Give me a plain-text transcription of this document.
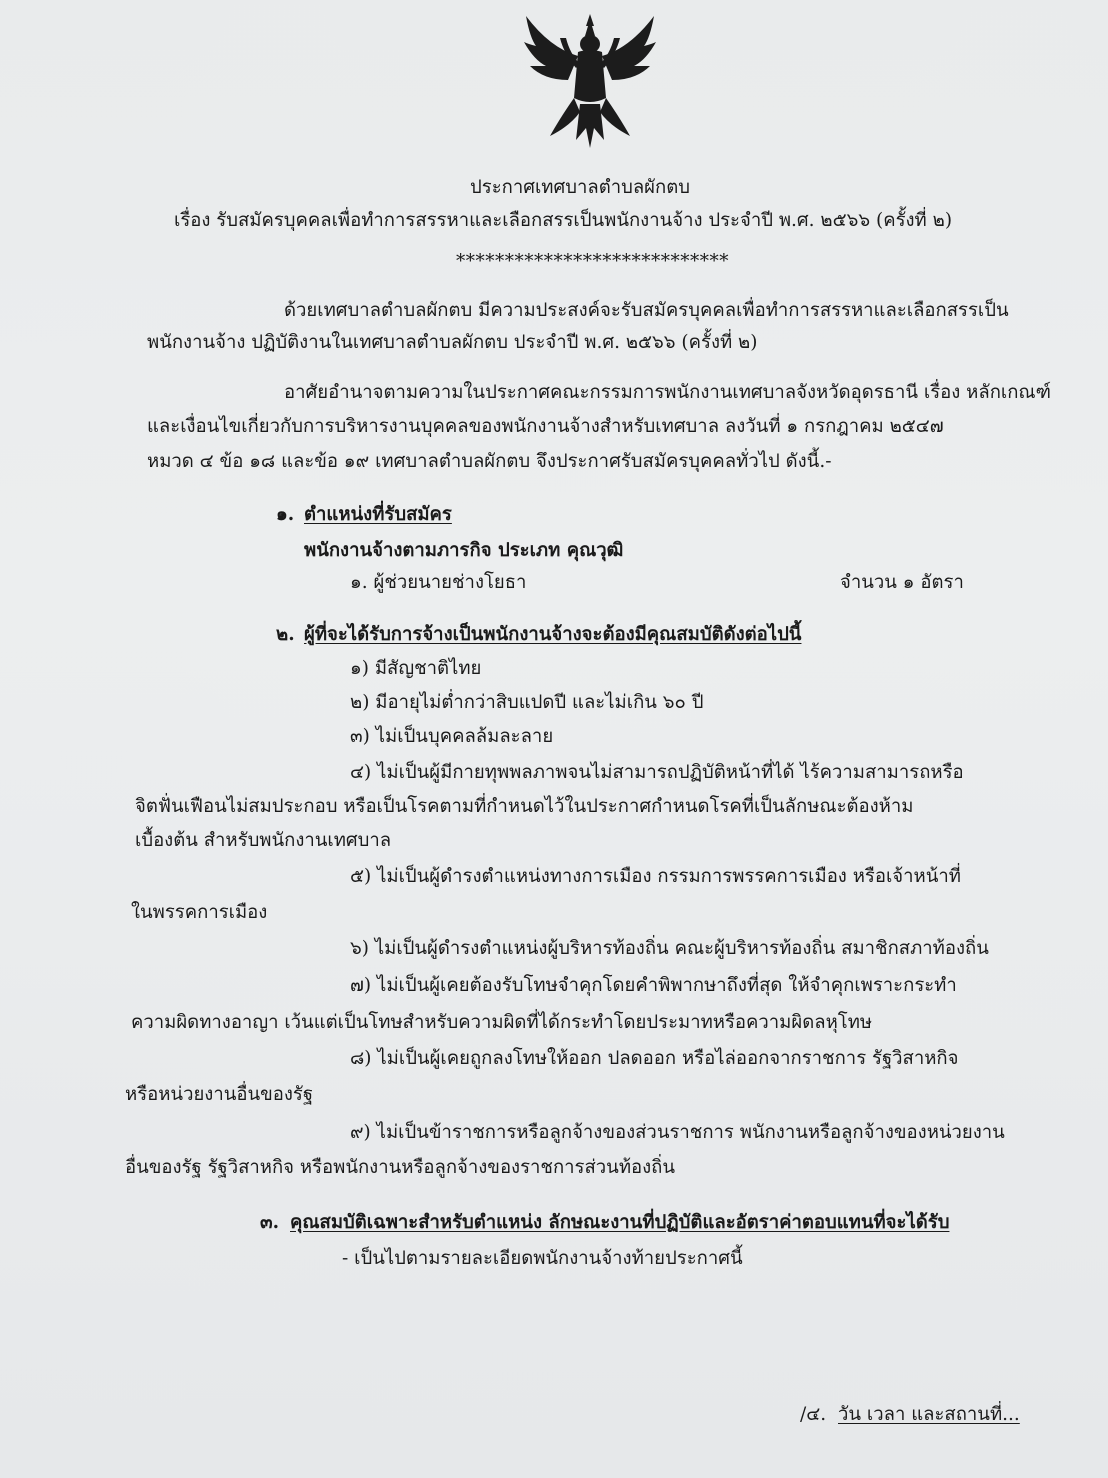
ประกาศเทศบาลตำบลผักตบ
เรื่อง รับสมัครบุคคลเพื่อทำการสรรหาและเลือกสรรเป็นพนักงานจ้าง ประจำปี พ.ศ. ๒๕๖๖ (ครั้งที่ ๒)
****************************
ด้วยเทศบาลตำบลผักตบ มีความประสงค์จะรับสมัครบุคคลเพื่อทำการสรรหาและเลือกสรรเป็น
พนักงานจ้าง ปฏิบัติงานในเทศบาลตำบลผักตบ ประจำปี พ.ศ. ๒๕๖๖ (ครั้งที่ ๒)
อาศัยอำนาจตามความในประกาศคณะกรรมการพนักงานเทศบาลจังหวัดอุดรธานี เรื่อง หลักเกณฑ์
และเงื่อนไขเกี่ยวกับการบริหารงานบุคคลของพนักงานจ้างสำหรับเทศบาล ลงวันที่ ๑ กรกฎาคม ๒๕๔๗
หมวด ๔ ข้อ ๑๘ และข้อ ๑๙ เทศบาลตำบลผักตบ จึงประกาศรับสมัครบุคคลทั่วไป ดังนี้.-
๑. ตำแหน่งที่รับสมัคร
พนักงานจ้างตามภารกิจ ประเภท คุณวุฒิ
๑. ผู้ช่วยนายช่างโยธา	จำนวน ๑ อัตรา
๒. ผู้ที่จะได้รับการจ้างเป็นพนักงานจ้างจะต้องมีคุณสมบัติดังต่อไปนี้
๑) มีสัญชาติไทย
๒) มีอายุไม่ต่ำกว่าสิบแปดปี และไม่เกิน ๖๐ ปี
๓) ไม่เป็นบุคคลล้มละลาย
๔) ไม่เป็นผู้มีกายทุพพลภาพจนไม่สามารถปฏิบัติหน้าที่ได้ ไร้ความสามารถหรือ
จิตฟั่นเฟือนไม่สมประกอบ หรือเป็นโรคตามที่กำหนดไว้ในประกาศกำหนดโรคที่เป็นลักษณะต้องห้าม
เบื้องต้น สำหรับพนักงานเทศบาล
๕) ไม่เป็นผู้ดำรงตำแหน่งทางการเมือง กรรมการพรรคการเมือง หรือเจ้าหน้าที่
ในพรรคการเมือง
๖) ไม่เป็นผู้ดำรงตำแหน่งผู้บริหารท้องถิ่น คณะผู้บริหารท้องถิ่น สมาชิกสภาท้องถิ่น
๗) ไม่เป็นผู้เคยต้องรับโทษจำคุกโดยคำพิพากษาถึงที่สุด ให้จำคุกเพราะกระทำ
ความผิดทางอาญา เว้นแต่เป็นโทษสำหรับความผิดที่ได้กระทำโดยประมาทหรือความผิดลหุโทษ
๘) ไม่เป็นผู้เคยถูกลงโทษให้ออก ปลดออก หรือไล่ออกจากราชการ รัฐวิสาหกิจ
หรือหน่วยงานอื่นของรัฐ
๙) ไม่เป็นข้าราชการหรือลูกจ้างของส่วนราชการ พนักงานหรือลูกจ้างของหน่วยงาน
อื่นของรัฐ รัฐวิสาหกิจ หรือพนักงานหรือลูกจ้างของราชการส่วนท้องถิ่น
๓. คุณสมบัติเฉพาะสำหรับตำแหน่ง ลักษณะงานที่ปฏิบัติและอัตราค่าตอบแทนที่จะได้รับ
- เป็นไปตามรายละเอียดพนักงานจ้างท้ายประกาศนี้
/๔. วัน เวลา และสถานที่...
